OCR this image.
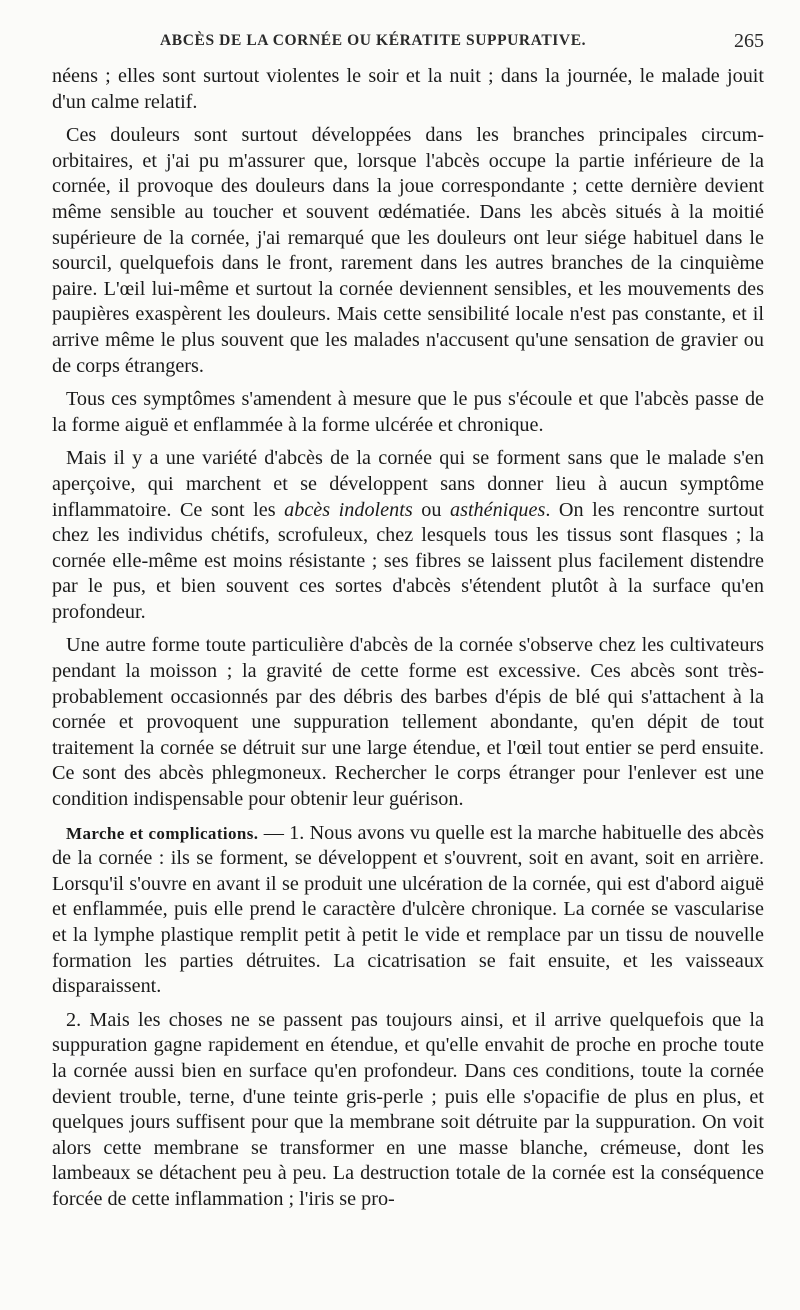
ABCÈS DE LA CORNÉE OU KÉRATITE SUPPURATIVE.	265

néens ; elles sont surtout violentes le soir et la nuit ; dans la journée, le malade jouit d'un calme relatif.

Ces douleurs sont surtout développées dans les branches principales circum-orbitaires, et j'ai pu m'assurer que, lorsque l'abcès occupe la partie inférieure de la cornée, il provoque des douleurs dans la joue correspondante ; cette dernière devient même sensible au toucher et souvent œdématiée. Dans les abcès situés à la moitié supérieure de la cornée, j'ai remarqué que les douleurs ont leur siége habituel dans le sourcil, quelquefois dans le front, rarement dans les autres branches de la cinquième paire. L'œil lui-même et surtout la cornée deviennent sensibles, et les mouvements des paupières exaspèrent les douleurs. Mais cette sensibilité locale n'est pas constante, et il arrive même le plus souvent que les malades n'accusent qu'une sensation de gravier ou de corps étrangers.

Tous ces symptômes s'amendent à mesure que le pus s'écoule et que l'abcès passe de la forme aiguë et enflammée à la forme ulcérée et chronique.

Mais il y a une variété d'abcès de la cornée qui se forment sans que le malade s'en aperçoive, qui marchent et se développent sans donner lieu à aucun symptôme inflammatoire. Ce sont les abcès indolents ou asthéniques. On les rencontre surtout chez les individus chétifs, scrofuleux, chez lesquels tous les tissus sont flasques ; la cornée elle-même est moins résistante ; ses fibres se laissent plus facilement distendre par le pus, et bien souvent ces sortes d'abcès s'étendent plutôt à la surface qu'en profondeur.

Une autre forme toute particulière d'abcès de la cornée s'observe chez les cultivateurs pendant la moisson ; la gravité de cette forme est excessive. Ces abcès sont très-probablement occasionnés par des débris des barbes d'épis de blé qui s'attachent à la cornée et provoquent une suppuration tellement abondante, qu'en dépit de tout traitement la cornée se détruit sur une large étendue, et l'œil tout entier se perd ensuite. Ce sont des abcès phlegmoneux. Rechercher le corps étranger pour l'enlever est une condition indispensable pour obtenir leur guérison.

Marche et complications. — 1. Nous avons vu quelle est la marche habituelle des abcès de la cornée : ils se forment, se développent et s'ouvrent, soit en avant, soit en arrière. Lorsqu'il s'ouvre en avant il se produit une ulcération de la cornée, qui est d'abord aiguë et enflammée, puis elle prend le caractère d'ulcère chronique. La cornée se vascularise et la lymphe plastique remplit petit à petit le vide et remplace par un tissu de nouvelle formation les parties détruites. La cicatrisation se fait ensuite, et les vaisseaux disparaissent.

2. Mais les choses ne se passent pas toujours ainsi, et il arrive quelquefois que la suppuration gagne rapidement en étendue, et qu'elle envahit de proche en proche toute la cornée aussi bien en surface qu'en profondeur. Dans ces conditions, toute la cornée devient trouble, terne, d'une teinte gris-perle ; puis elle s'opacifie de plus en plus, et quelques jours suffisent pour que la membrane soit détruite par la suppuration. On voit alors cette membrane se transformer en une masse blanche, crémeuse, dont les lambeaux se détachent peu à peu. La destruction totale de la cornée est la conséquence forcée de cette inflammation ; l'iris se pro-
